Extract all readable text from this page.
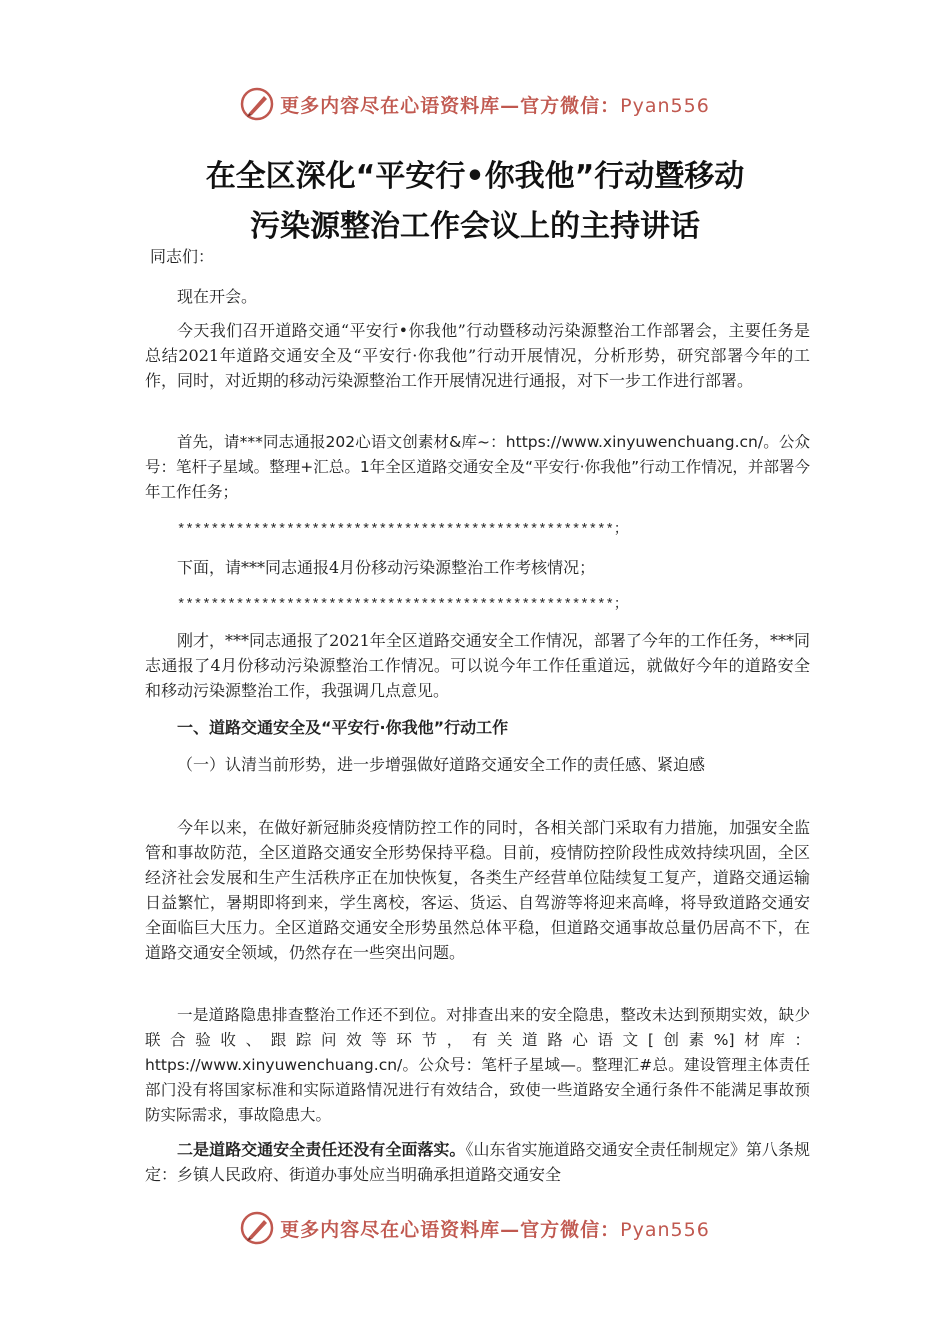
更多内容尽在心语资料库—官方微信：Pyan556
在全区深化“平安行•你我他”行动暨移动
污染源整治工作会议上的主持讲话
同志们：
现在开会。
今天我们召开道路交通“平安行•你我他”行动暨移动污染源整治工作部署会，主要任务是总结2021年道路交通安全及“平安行·你我他”行动开展情况，分析形势，研究部署今年的工作，同时，对近期的移动污染源整治工作开展情况进行通报，对下一步工作进行部署。
首先，请***同志通报202心语文创素材&库~：https://www.xinyuwenchuang.cn/。公众号：笔杆子星域。整理+汇总。1年全区道路交通安全及“平安行·你我他”行动工作情况，并部署今年工作任务；
****************************************************；
下面，请***同志通报4月份移动污染源整治工作考核情况；
****************************************************；
刚才，***同志通报了2021年全区道路交通安全工作情况，部署了今年的工作任务，***同志通报了4月份移动污染源整治工作情况。可以说今年工作任重道远，就做好今年的道路安全和移动污染源整治工作，我强调几点意见。
一、道路交通安全及“平安行·你我他”行动工作
（一）认清当前形势，进一步增强做好道路交通安全工作的责任感、紧迫感
今年以来，在做好新冠肺炎疫情防控工作的同时，各相关部门采取有力措施，加强安全监管和事故防范，全区道路交通安全形势保持平稳。目前，疫情防控阶段性成效持续巩固，全区经济社会发展和生产生活秩序正在加快恢复，各类生产经营单位陆续复工复产，道路交通运输日益繁忙，暑期即将到来，学生离校，客运、货运、自驾游等将迎来高峰，将导致道路交通安全面临巨大压力。全区道路交通安全形势虽然总体平稳，但道路交通事故总量仍居高不下，在道路交通安全领域，仍然存在一些突出问题。
一是道路隐患排查整治工作还不到位。对排查出来的安全隐患，整改未达到预期实效，缺少联合验收、跟踪问效等环节，有关道路心语文[创素%]材库：https://www.xinyuwenchuang.cn/。公众号：笔杆子星域—。整理汇#总。建设管理主体责任部门没有将国家标准和实际道路情况进行有效结合，致使一些道路安全通行条件不能满足事故预防实际需求，事故隐患大。
二是道路交通安全责任还没有全面落实。《山东省实施道路交通安全责任制规定》第八条规定：乡镇人民政府、街道办事处应当明确承担道路交通安全
更多内容尽在心语资料库—官方微信：Pyan556
